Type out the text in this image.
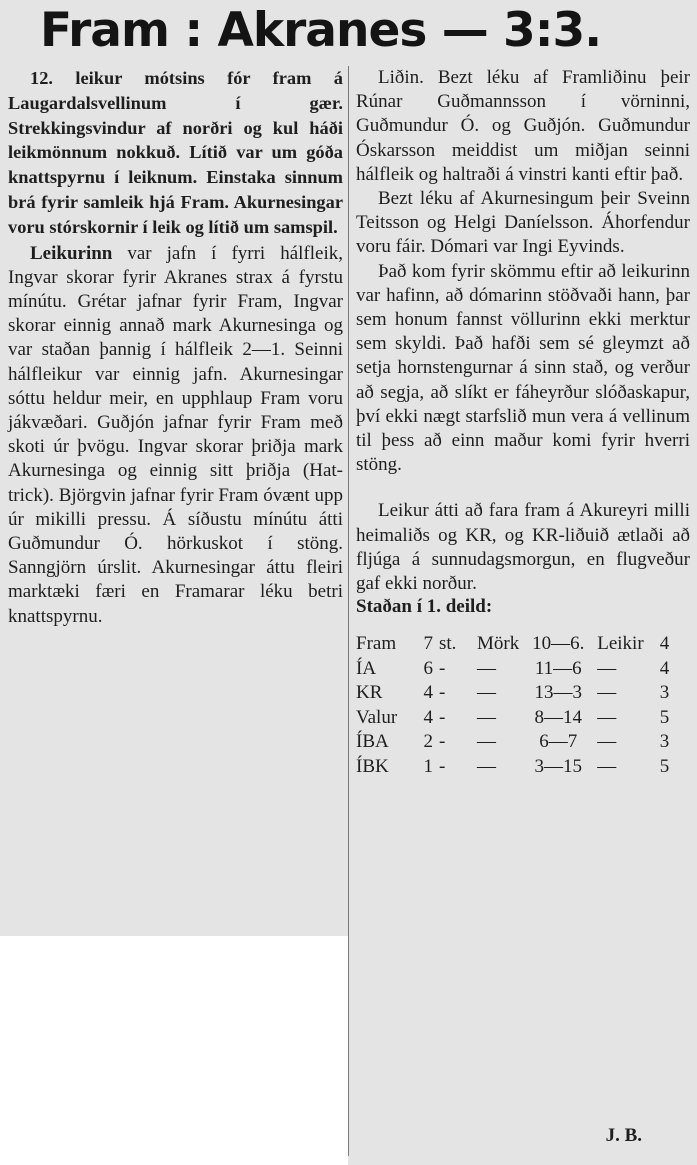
Fram : Akranes — 3:3.

12. leikur mótsins fór fram á Laugardalsvellinum í gær. Strekkingsvindur af norðri og kul háði leikmönnum nokkuð. Lítið var um góða knattspyrnu í leiknum. Einstaka sinnum brá fyrir samleik hjá Fram. Akurnesingar voru stórskornir í leik og lítið um samspil.

Leikurinn var jafn í fyrri hálfleik, Ingvar skorar fyrir Akranes strax á fyrstu mínútu. Grétar jafnar fyrir Fram, Ingvar skorar einnig annað mark Akurnesinga og var staðan þannig í hálfleik 2—1. Seinni hálfleikur var einnig jafn. Akurnesingar sóttu heldur meir, en upphlaup Fram voru jákvæðari. Guðjón jafnar fyrir Fram með skoti úr þvögu. Ingvar skorar þriðja mark Akurnesinga og einnig sitt þriðja (Hat-trick). Björgvin jafnar fyrir Fram óvænt upp úr mikilli pressu. Á síðustu mínútu átti Guðmundur Ó. hörkuskot í stöng. Sanngjörn úrslit. Akurnesingar áttu fleiri marktæki færi en Framarar léku betri knattspyrnu.

Liðin. Bezt léku af Framliðinu þeir Rúnar Guðmannsson í vörninni, Guðmundur Ó. og Guðjón. Guðmundur Óskarsson meiddist um miðjan seinni hálfleik og haltraði á vinstri kanti eftir það.

Bezt léku af Akurnesingum þeir Sveinn Teitsson og Helgi Daníelsson. Áhorfendur voru fáir. Dómari var Ingi Eyvinds.

Það kom fyrir skömmu eftir að leikurinn var hafinn, að dómarinn stöðvaði hann, þar sem honum fannst völlurinn ekki merktur sem skyldi. Það hafði sem sé gleymzt að setja hornstengurnar á sinn stað, og verður að segja, að slíkt er fáheyrður slóðaskapur, því ekki nægt starfslið mun vera á vellinum til þess að einn maður komi fyrir hverri stöng.

Leikur átti að fara fram á Akureyri milli heimaliðs og KR, og KR-liðuið ætlaði að fljúga á sunnudagsmorgun, en flugveður gaf ekki norður.

Staðan í 1. deild:

Fram	7	st.	Mörk	10—6.	Leikir	4
ÍA	6	-	—	11—6	—	4
KR	4	-	—	13—3	—	3
Valur	4	-	—	8—14	—	5
ÍBA	2	-	—	6—7	—	3
ÍBK	1	-	—	3—15	—	5
J. B.
